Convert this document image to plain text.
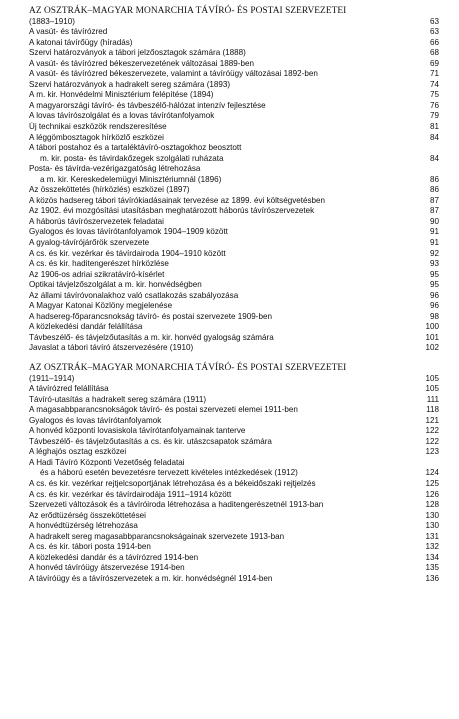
AZ OSZTRÁK–MAGYAR MONARCHIA TÁVÍRÓ- ÉS POSTAI SZERVEZETEI
(1883–1910)	63
A vasút- és távírózred	63
A katonai távírőügy (híradás)	66
Szervi határozványok a tábori jelzőosztagok számára (1888)	68
A vasút- és távírózred békeszervezetének változásai 1889-ben	69
A vasút- és távírózred békeszervezete, valamint a távíróügy változásai 1892-ben	71
Szervi határozványok a hadrakelt sereg számára (1893)	74
A m. kir. Honvédelmi Minisztérium felépítése (1894)	75
A magyarországi távíró- és távbeszélő-hálózat intenzív fejlesztése	76
A lovas távírószolgálat és a lovas távírótanfolyamok	79
Új technikai eszközök rendszeresítése	81
A léggömbosztagok hírközlő eszközei	84
A tábori postahoz és a tartaléktávíró-osztagokhoz beosztott
m. kir. posta- és távirdakőzegek szolgálati ruházata	84
Posta- és távírda-vezérigazgatóság létrehozása
a m. kir. Kereskedelemügyi Minisztériumnál (1896)	86
Az összeköttetés (hírközlés) eszközei (1897)	86
A közös hadsereg tábori távírókiadásainak tervezése az 1899. évi költségvetésben	87
Az 1902. évi mozgósítási utasításban meghatározott háborús távírószervezetek	87
A háborús távírószervezetek feladatai	90
Gyalogos és lovas távírótanfolyamok 1904–1909 között	91
A gyalog-távírójárőrök szervezete	91
A cs. és kir. vezérkar és távírdairoda 1904–1910 között	92
A cs. és kir. haditengerészet hírközlése	93
Az 1906-os adriai szikratávíró-kísérlet	95
Optikai távjelzőszolgálat a m. kir. honvédségben	95
Az állami távíróvonalakhoz való csatlakozás szabályozása	96
A Magyar Katonai Közlöny megjelenése	96
A hadsereg-főparancsnokság távíró- és postai szervezete 1909-ben	98
A közlekedési dandár felállítása	100
Távbeszélő- és távjelzőutasítás a m. kir. honvéd gyalogság számára	101
Javaslat a tábori távíró átszervezésére (1910)	102
AZ OSZTRÁK–MAGYAR MONARCHIA TÁVÍRÓ- ÉS POSTAI SZERVEZETEI
(1911–1914)	105
A távírózred felállítása	105
Távíró-utasítás a hadrakelt sereg számára (1911)	111
A magasabbparancsnokságok távíró- és postai szervezeti elemei 1911-ben	118
Gyalogos és lovas távírótanfolyamok	121
A honvéd központi lovasiskola távírótanfolyamainak tanterve	122
Távbeszélő- és távjelzőutasítás a cs. és kir. utászcsapatok számára	122
A léghajós osztag eszközei	123
A Hadi Távíró Központi Vezetőség feladatai
és a háború esetén bevezetésre tervezett kivételes intézkedések (1912)	124
A cs. és kir. vezérkar rejtjelcsoportjának létrehozása és a békeidőszaki rejtjelzés	125
A cs. és kir. vezérkar és távírdairodája 1911–1914 között	126
Szervezeti változások és a távíróiroda létrehozása a haditengerészetnél 1913-ban	128
Az erődtüzérség összeköttetései	130
A honvédtüzérség létrehozása	130
A hadrakelt sereg magasabbparancsnokságainak szervezete 1913-ban	131
A cs. és kir. tábori posta 1914-ben	132
A közlekedési dandár és a távírózred 1914-ben	134
A honvéd távíróügy átszervezése 1914-ben	135
A távíróügy és a távírószervezetek a m. kir. honvédségnél 1914-ben	136
